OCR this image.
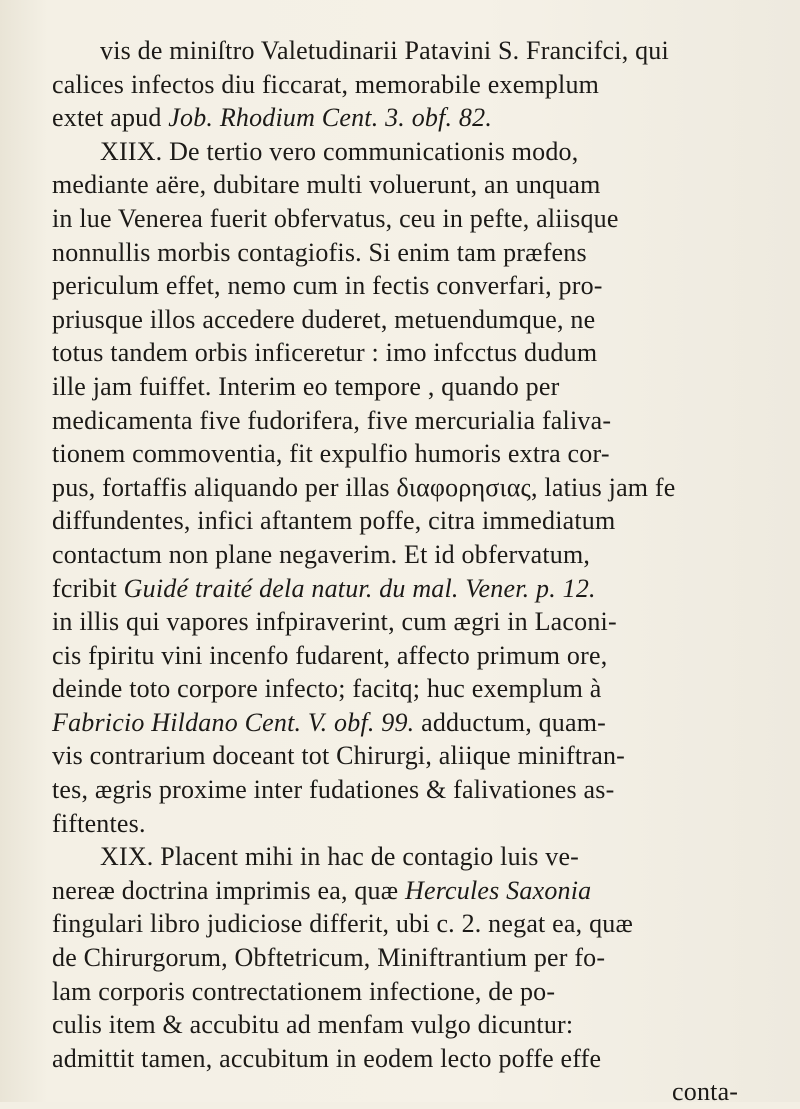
vis de miniſtro Valetudinarii Patavini S. Francifci, qui
calices infectos diu ficcarat, memorabile exemplum
extet apud Job. Rhodium Cent. 3. obf. 82.
XIIX. De tertio vero communicationis modo,
mediante aëre, dubitare multi voluerunt, an unquam
in lue Venerea fuerit obfervatus, ceu in pefte, aliisque
nonnullis morbis contagiofis. Si enim tam præfens
periculum effet, nemo cum in fectis converfari, pro-
priusque illos accedere duderet, metuendumque, ne
totus tandem orbis inficeretur : imo infcctus dudum
ille jam fuiffet. Interim eo tempore , quando per
medicamenta five fudorifera, five mercurialia faliva-
tionem commoventia, fit expulfio humoris extra cor-
pus, fortaffis aliquando per illas διαφορησιας, latius jam fe
diffundentes, infici aftantem poffe, citra immediatum
contactum non plane negaverim. Et id obfervatum,
fcribit Guidé traité dela natur. du mal. Vener. p. 12.
in illis qui vapores infpiraverint, cum ægri in Laconi-
cis fpiritu vini incenfo fudarent, affecto primum ore,
deinde toto corpore infecto; facitq; huc exemplum à
Fabricio Hildano Cent. V. obf. 99. adductum, quam-
vis contrarium doceant tot Chirurgi, aliique miniftran-
tes, ægris proxime inter fudationes & falivationes as-
fiftentes.
XIX. Placent mihi in hac de contagio luis ve-
nereæ doctrina imprimis ea, quæ Hercules Saxonia
fingulari libro judiciose differit, ubi c. 2. negat ea, quæ
de Chirurgorum, Obftetricum, Miniftrantium per fo-
lam corporis contrectationem infectione, de po-
culis item & accubitu ad menfam vulgo dicuntur:
admittit tamen, accubitum in eodem lecto poffe effe
conta-
